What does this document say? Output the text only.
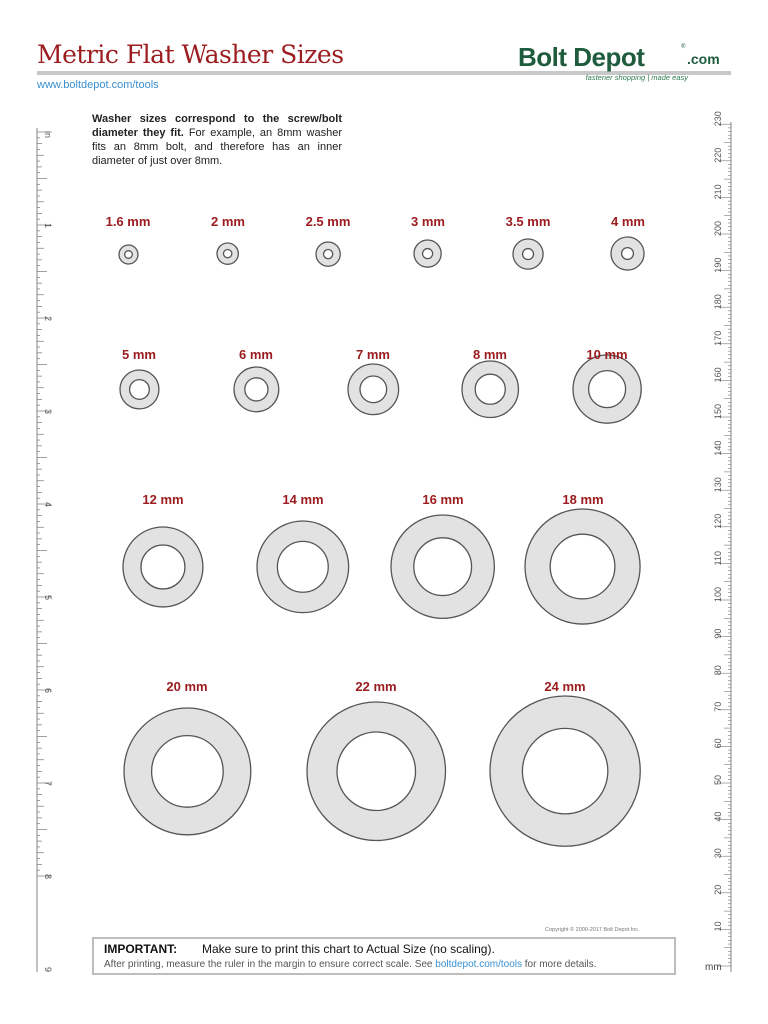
Metric Flat Washer Sizes
www.boltdepot.com/tools
Bolt Depot	®
.com
fastener shopping | made easy
Washer sizes correspond to the screw/bolt diameter they fit. For example, an 8mm washer fits an 8mm bolt, and therefore has an inner diameter of just over 8mm.
in
1
2
3
4
5
6
7
8
9
10
20
30
40
50
60
70
80
90
100
110
120
130
140
150
160
170
180
190
200
210
220
230
mm
1.6 mm	2 mm	2.5 mm	3 mm	3.5 mm	4 mm
5 mm	6 mm	7 mm	8 mm	10 mm
12 mm	14 mm	16 mm	18 mm
20 mm	22 mm	24 mm
Copyright © 2000-2017 Bolt Depot Inc.
IMPORTANT: Make sure to print this chart to Actual Size (no scaling).
After printing, measure the ruler in the margin to ensure correct scale. See boltdepot.com/tools for more details.
